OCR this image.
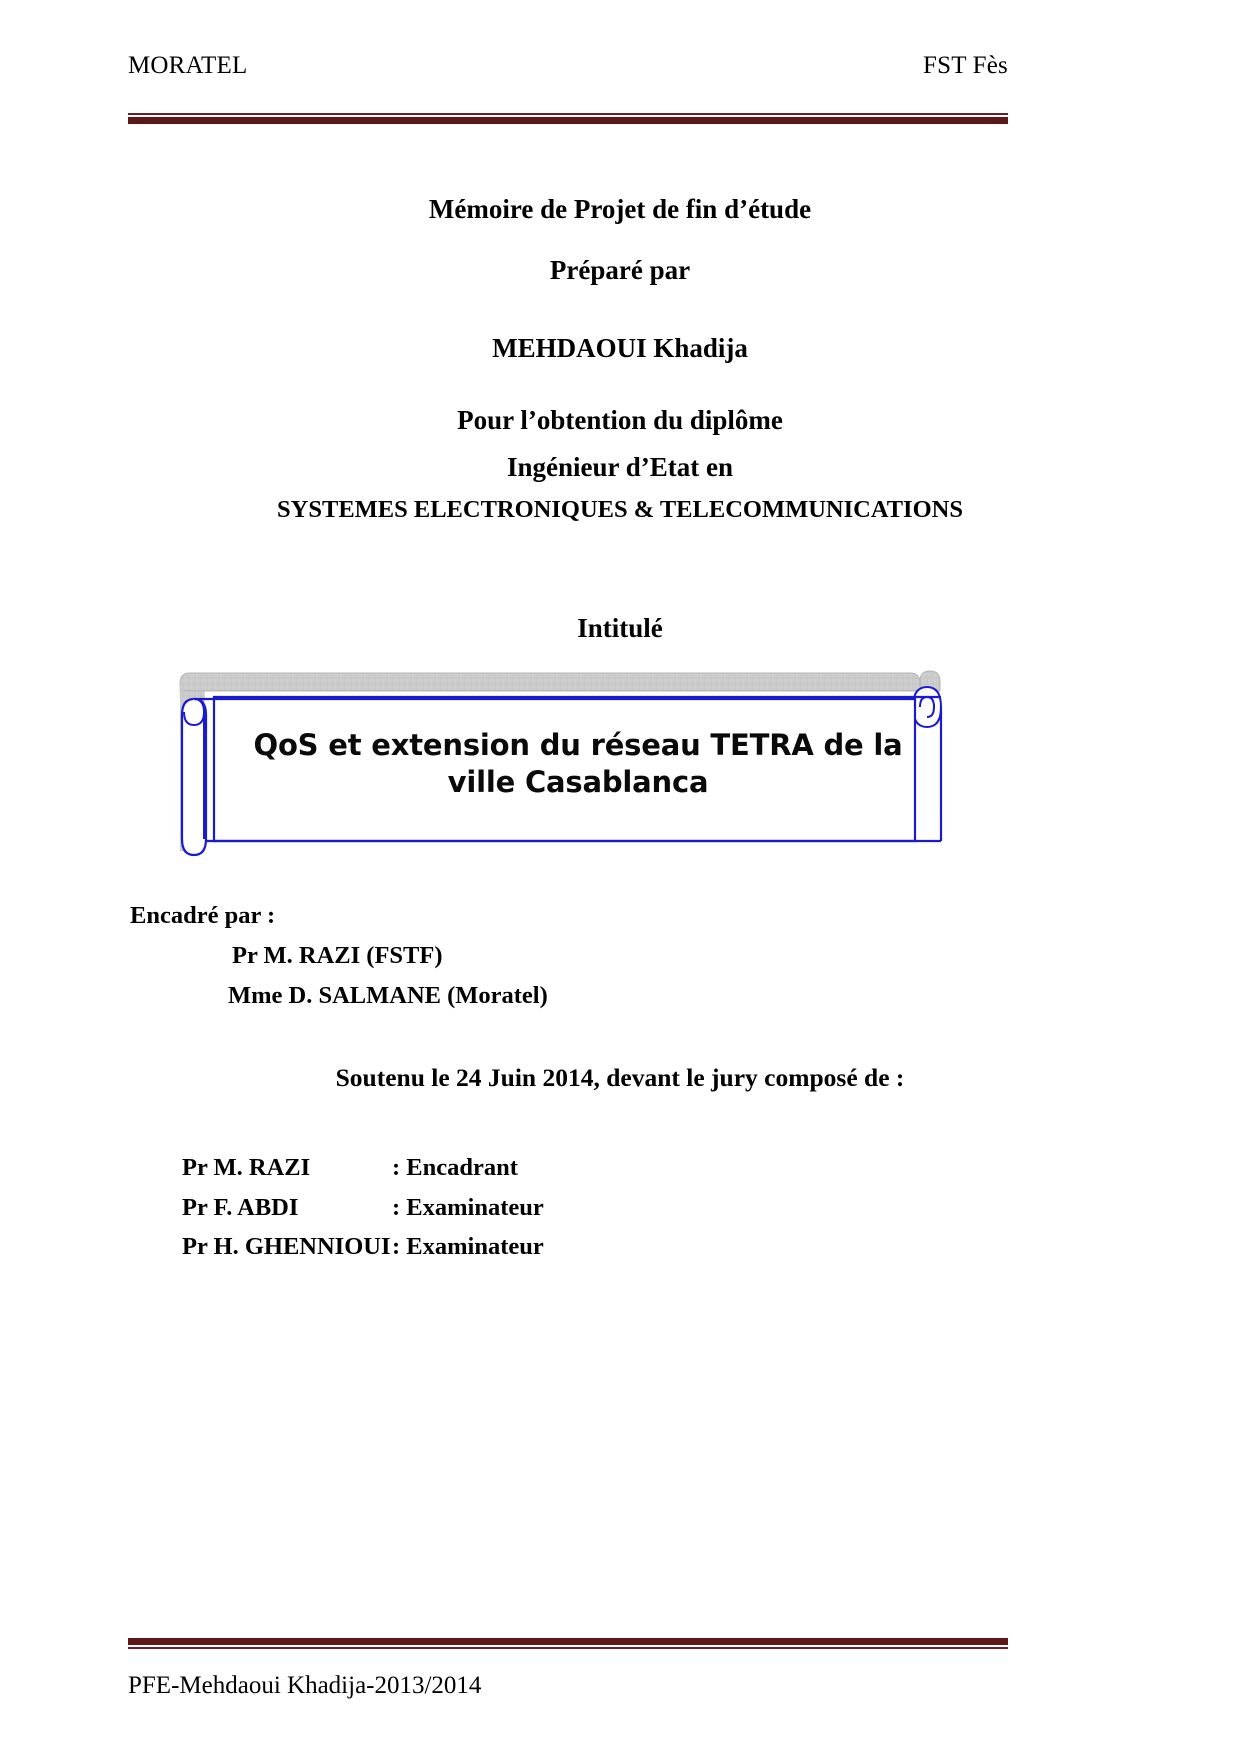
MORATEL	FST Fès
Mémoire de Projet de fin d’étude
Préparé par
MEHDAOUI Khadija
Pour l’obtention du diplôme
Ingénieur d’Etat en
SYSTEMES ELECTRONIQUES & TELECOMMUNICATIONS
Intitulé
QoS et extension du réseau TETRA de la ville Casablanca
Encadré par :
Pr M. RAZI (FSTF)
Mme D. SALMANE (Moratel)
Soutenu le 24 Juin 2014, devant le jury composé de :
Pr M. RAZI	: Encadrant
Pr F. ABDI	: Examinateur
Pr H. GHENNIOUI : Examinateur
PFE-Mehdaoui Khadija-2013/2014
